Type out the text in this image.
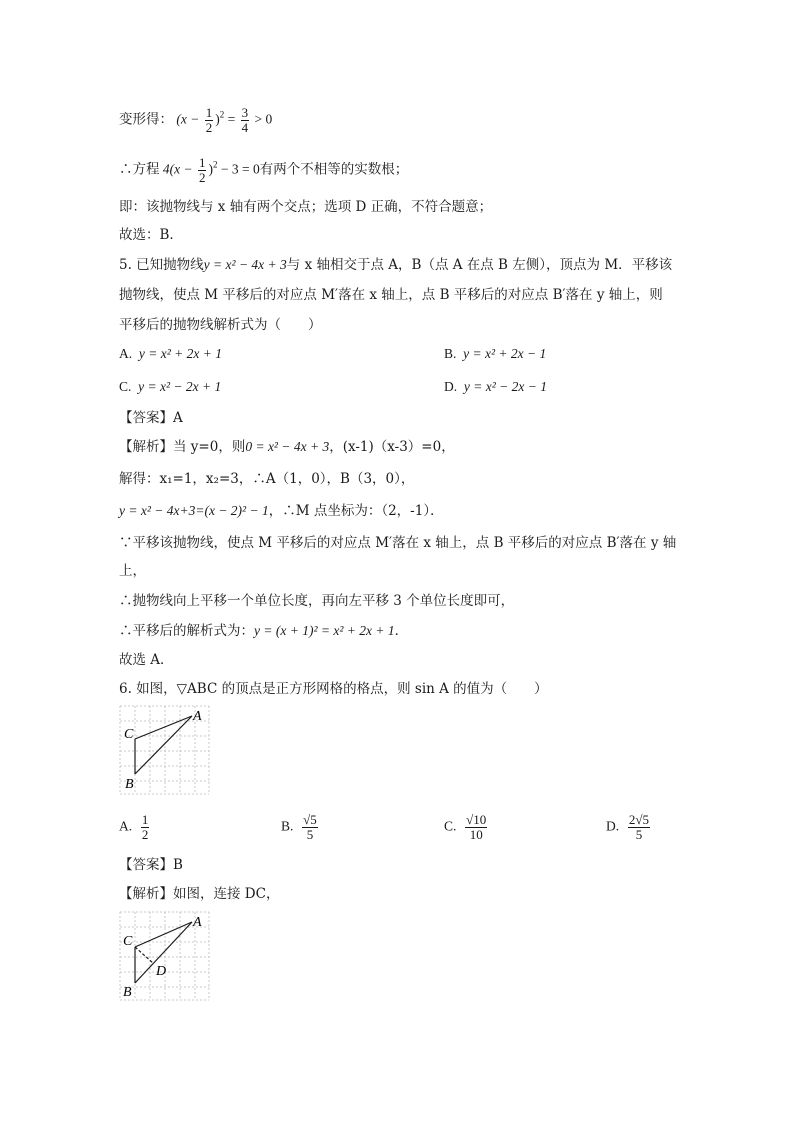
变形得： $(x - \frac{1}{2} )^2 = \frac{3}{4} > 0$
∴方程 $4(x - \frac{1}{2} )^2 - 3 = 0$有两个不相等的实数根；
即：该抛物线与 x 轴有两个交点；选项 D 正确，不符合题意；
故选：B．
5. 已知抛物线y = x² − 4x + 3与 x 轴相交于点 A，B（点 A 在点 B 左侧），顶点为 M．平移该
抛物线，使点 M 平移后的对应点 M′落在 x 轴上，点 B 平移后的对应点 B′落在 y 轴上，则
平移后的抛物线解析式为（　　）
A. y = x² + 2x + 1	B. y = x² + 2x − 1
C. y = x² − 2x + 1	D. y = x² − 2x − 1
【答案】A
【解析】当 y=0，则0 = x² − 4x + 3，(x-1)（x-3）=0，
解得：x₁=1，x₂=3，∴A（1，0），B（3，0），
y = x² − 4x+3=(x − 2)² − 1，∴M 点坐标为：（2，-1）．
∵平移该抛物线，使点 M 平移后的对应点 M′落在 x 轴上，点 B 平移后的对应点 B′落在 y 轴
上，
∴抛物线向上平移一个单位长度，再向左平移 3 个单位长度即可，
∴平移后的解析式为：y = (x + 1)² = x² + 2x + 1．
故选 A．
6. 如图，▽ABC 的顶点是正方形网格的格点，则 sin A 的值为（　　）
A
C
B
A. $\frac{1}{2}$	B. $\frac{√5}{5}$	C. $\frac{√10}{10}$	D. $\frac{2√5}{5}$
【答案】B
【解析】如图，连接 DC，
A
C
D
B
